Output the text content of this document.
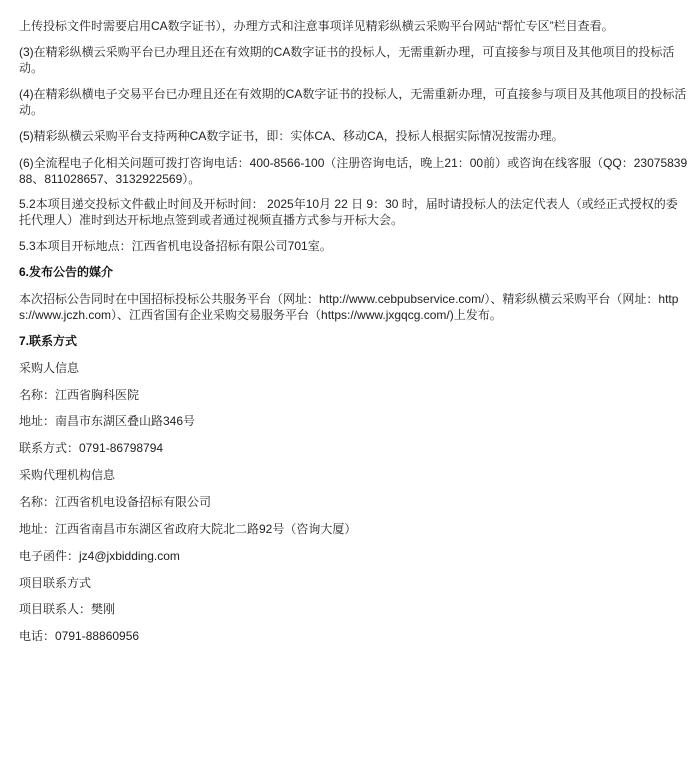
上传投标文件时需要启用CA数字证书），办理方式和注意事项详见精彩纵横云采购平台网站“帮忙专区”栏目查看。
(3)在精彩纵横云采购平台已办理且还在有效期的CA数字证书的投标人，无需重新办理，可直接参与项目及其他项目的投标活动。
(4)在精彩纵横电子交易平台已办理且还在有效期的CA数字证书的投标人，无需重新办理，可直接参与项目及其他项目的投标活动。
(5)精彩纵横云采购平台支持两种CA数字证书，即：实体CA、移动CA，投标人根据实际情况按需办理。
(6)全流程电子化相关问题可拨打咨询电话：400-8566-100（注册咨询电话，晚上21：00前）或咨询在线客服（QQ：2307583988、811028657、3132922569）。
5.2本项目递交投标文件截止时间及开标时间： 2025年10月 22 日 9：30 时，届时请投标人的法定代表人（或经正式授权的委托代理人）准时到达开标地点签到或者通过视频直播方式参与开标大会。
5.3本项目开标地点：江西省机电设备招标有限公司701室。
6.发布公告的媒介
本次招标公告同时在中国招标投标公共服务平台（网址：http://www.cebpubservice.com/）、精彩纵横云采购平台（网址：https://www.jczh.com）、江西省国有企业采购交易服务平台（https://www.jxgqcg.com/)上发布。
7.联系方式
采购人信息
名称：江西省胸科医院
地址：南昌市东湖区叠山路346号
联系方式：0791-86798794
采购代理机构信息
名称：江西省机电设备招标有限公司
地址：江西省南昌市东湖区省政府大院北二路92号（咨询大厦）
电子函件：jz4@jxbidding.com
项目联系方式
项目联系人：樊刚
电话：0791-88860956
